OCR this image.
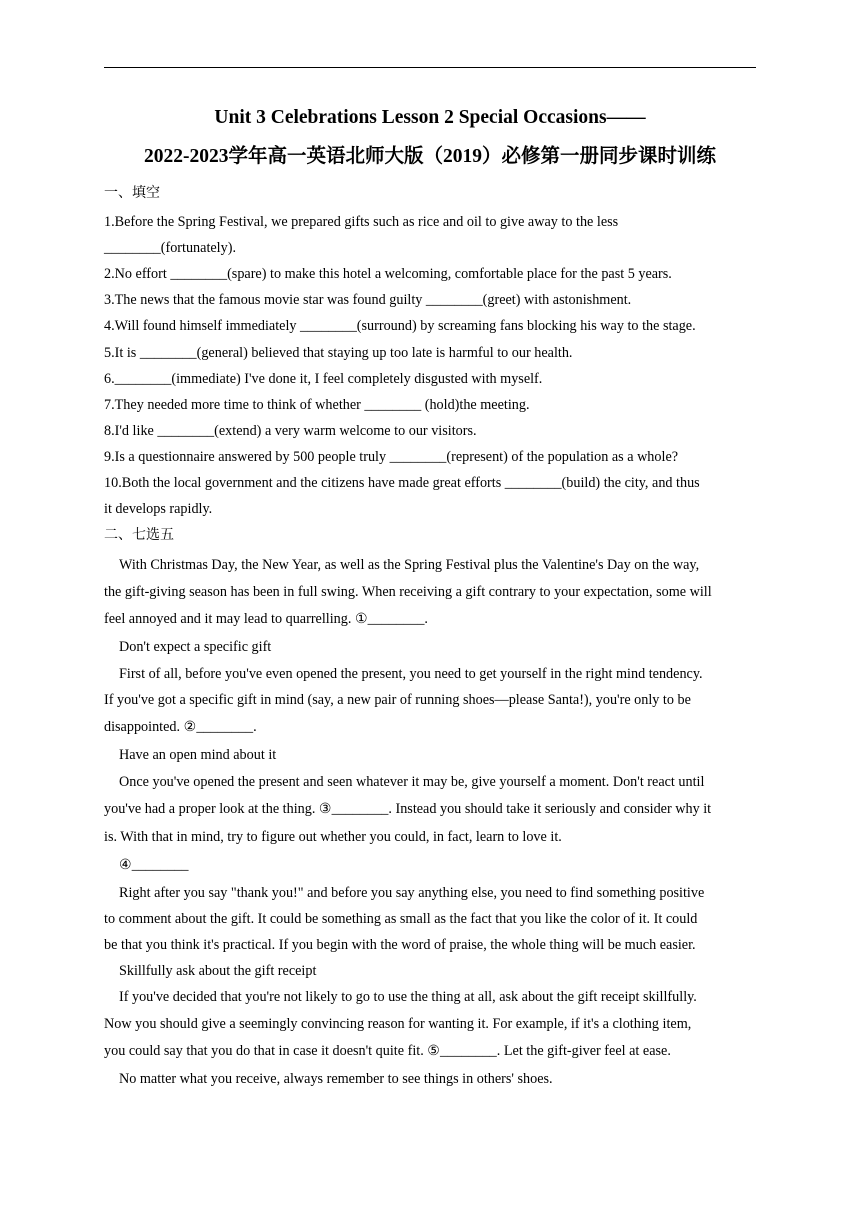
Unit 3 Celebrations Lesson 2 Special Occasions——
2022-2023学年高一英语北师大版（2019）必修第一册同步课时训练
一、填空
1.Before the Spring Festival, we prepared gifts such as rice and oil to give away to the less
________(fortunately).
2.No effort ________(spare) to make this hotel a welcoming, comfortable place for the past 5 years.
3.The news that the famous movie star was found guilty ________(greet) with astonishment.
4.Will found himself immediately ________(surround) by screaming fans blocking his way to the stage.
5.It is ________(general) believed that staying up too late is harmful to our health.
6.________(immediate) I've done it, I feel completely disgusted with myself.
7.They needed more time to think of whether ________ (hold)the meeting.
8.I'd like ________(extend) a very warm welcome to our visitors.
9.Is a questionnaire answered by 500 people truly ________(represent) of the population as a whole?
10.Both the local government and the citizens have made great efforts ________(build) the city, and thus
it develops rapidly.
二、七选五
With Christmas Day, the New Year, as well as the Spring Festival plus the Valentine's Day on the way,
the gift-giving season has been in full swing. When receiving a gift contrary to your expectation, some will
feel annoyed and it may lead to quarrelling. ①________.
Don't expect a specific gift
First of all, before you've even opened the present, you need to get yourself in the right mind tendency.
If you've got a specific gift in mind (say, a new pair of running shoes—please Santa!), you're only to be
disappointed. ②________.
Have an open mind about it
Once you've opened the present and seen whatever it may be, give yourself a moment. Don't react until
you've had a proper look at the thing. ③________. Instead you should take it seriously and consider why it
is. With that in mind, try to figure out whether you could, in fact, learn to love it.
④________
Right after you say "thank you!" and before you say anything else, you need to find something positive
to comment about the gift. It could be something as small as the fact that you like the color of it. It could
be that you think it's practical. If you begin with the word of praise, the whole thing will be much easier.
Skillfully ask about the gift receipt
If you've decided that you're not likely to go to use the thing at all, ask about the gift receipt skillfully.
Now you should give a seemingly convincing reason for wanting it. For example, if it's a clothing item,
you could say that you do that in case it doesn't quite fit. ⑤________. Let the gift-giver feel at ease.
No matter what you receive, always remember to see things in others' shoes.
